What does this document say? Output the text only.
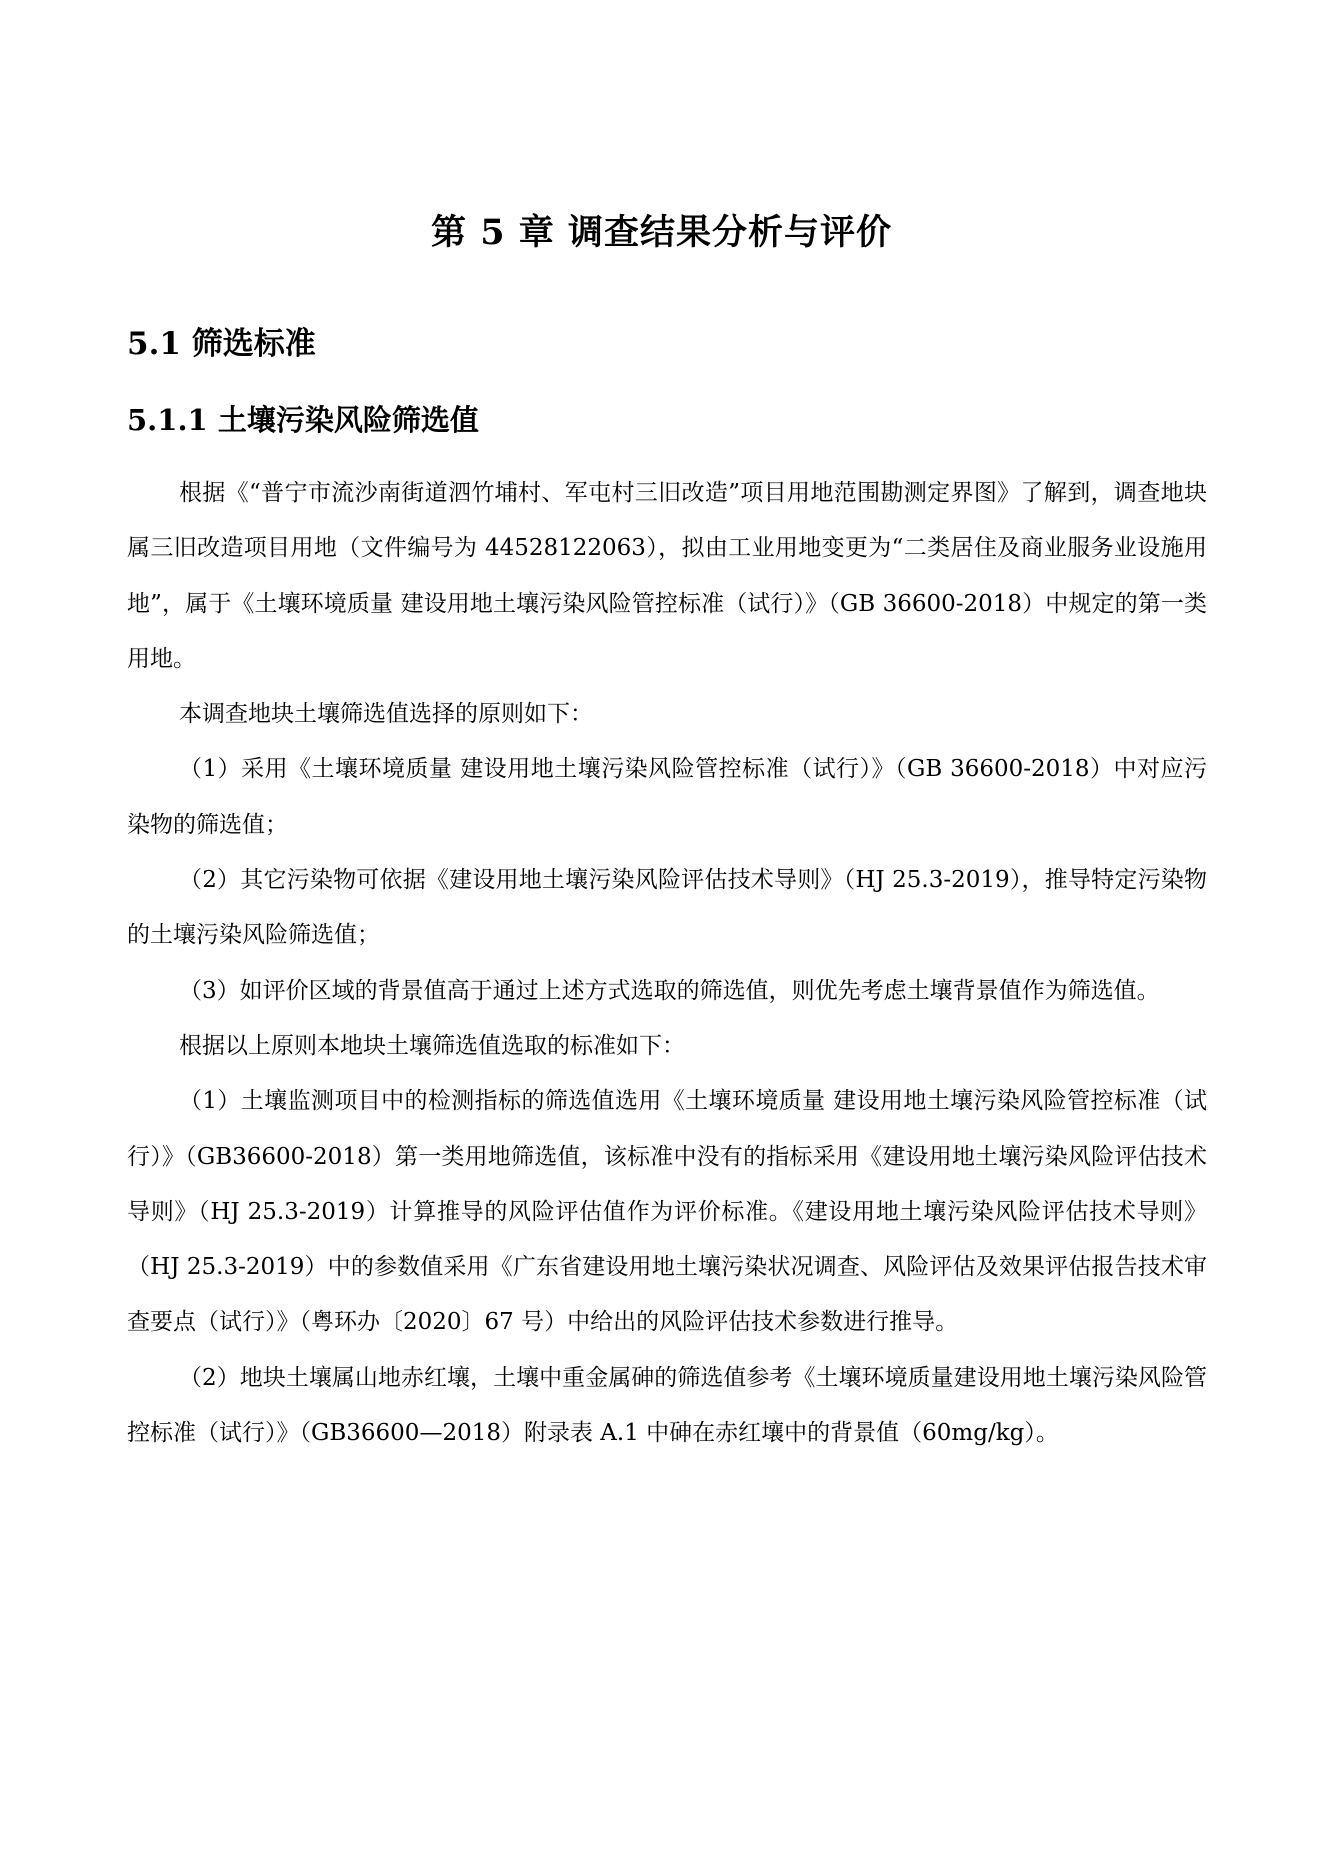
第 5 章 调查结果分析与评价
5.1 筛选标准
5.1.1 土壤污染风险筛选值

根据《“普宁市流沙南街道泗竹埔村、军屯村三旧改造”项目用地范围勘测定界图》了解到，调查地块属三旧改造项目用地（文件编号为 44528122063），拟由工业用地变更为“二类居住及商业服务业设施用地”，属于《土壤环境质量 建设用地土壤污染风险管控标准（试行）》（GB 36600-2018）中规定的第一类用地。

本调查地块土壤筛选值选择的原则如下：

（1）采用《土壤环境质量 建设用地土壤污染风险管控标准（试行）》（GB 36600-2018）中对应污染物的筛选值；

（2）其它污染物可依据《建设用地土壤污染风险评估技术导则》（HJ 25.3-2019），推导特定污染物的土壤污染风险筛选值；

（3）如评价区域的背景值高于通过上述方式选取的筛选值，则优先考虑土壤背景值作为筛选值。

根据以上原则本地块土壤筛选值选取的标准如下：

（1）土壤监测项目中的检测指标的筛选值选用《土壤环境质量 建设用地土壤污染风险管控标准（试行）》（GB36600-2018）第一类用地筛选值，该标准中没有的指标采用《建设用地土壤污染风险评估技术导则》（HJ 25.3-2019）计算推导的风险评估值作为评价标准。《建设用地土壤污染风险评估技术导则》（HJ 25.3-2019）中的参数值采用《广东省建设用地土壤污染状况调查、风险评估及效果评估报告技术审查要点（试行）》（粤环办〔2020〕67 号）中给出的风险评估技术参数进行推导。

（2）地块土壤属山地赤红壤，土壤中重金属砷的筛选值参考《土壤环境质量建设用地土壤污染风险管控标准（试行）》（GB36600—2018）附录表 A.1 中砷在赤红壤中的背景值（60mg/kg）。
